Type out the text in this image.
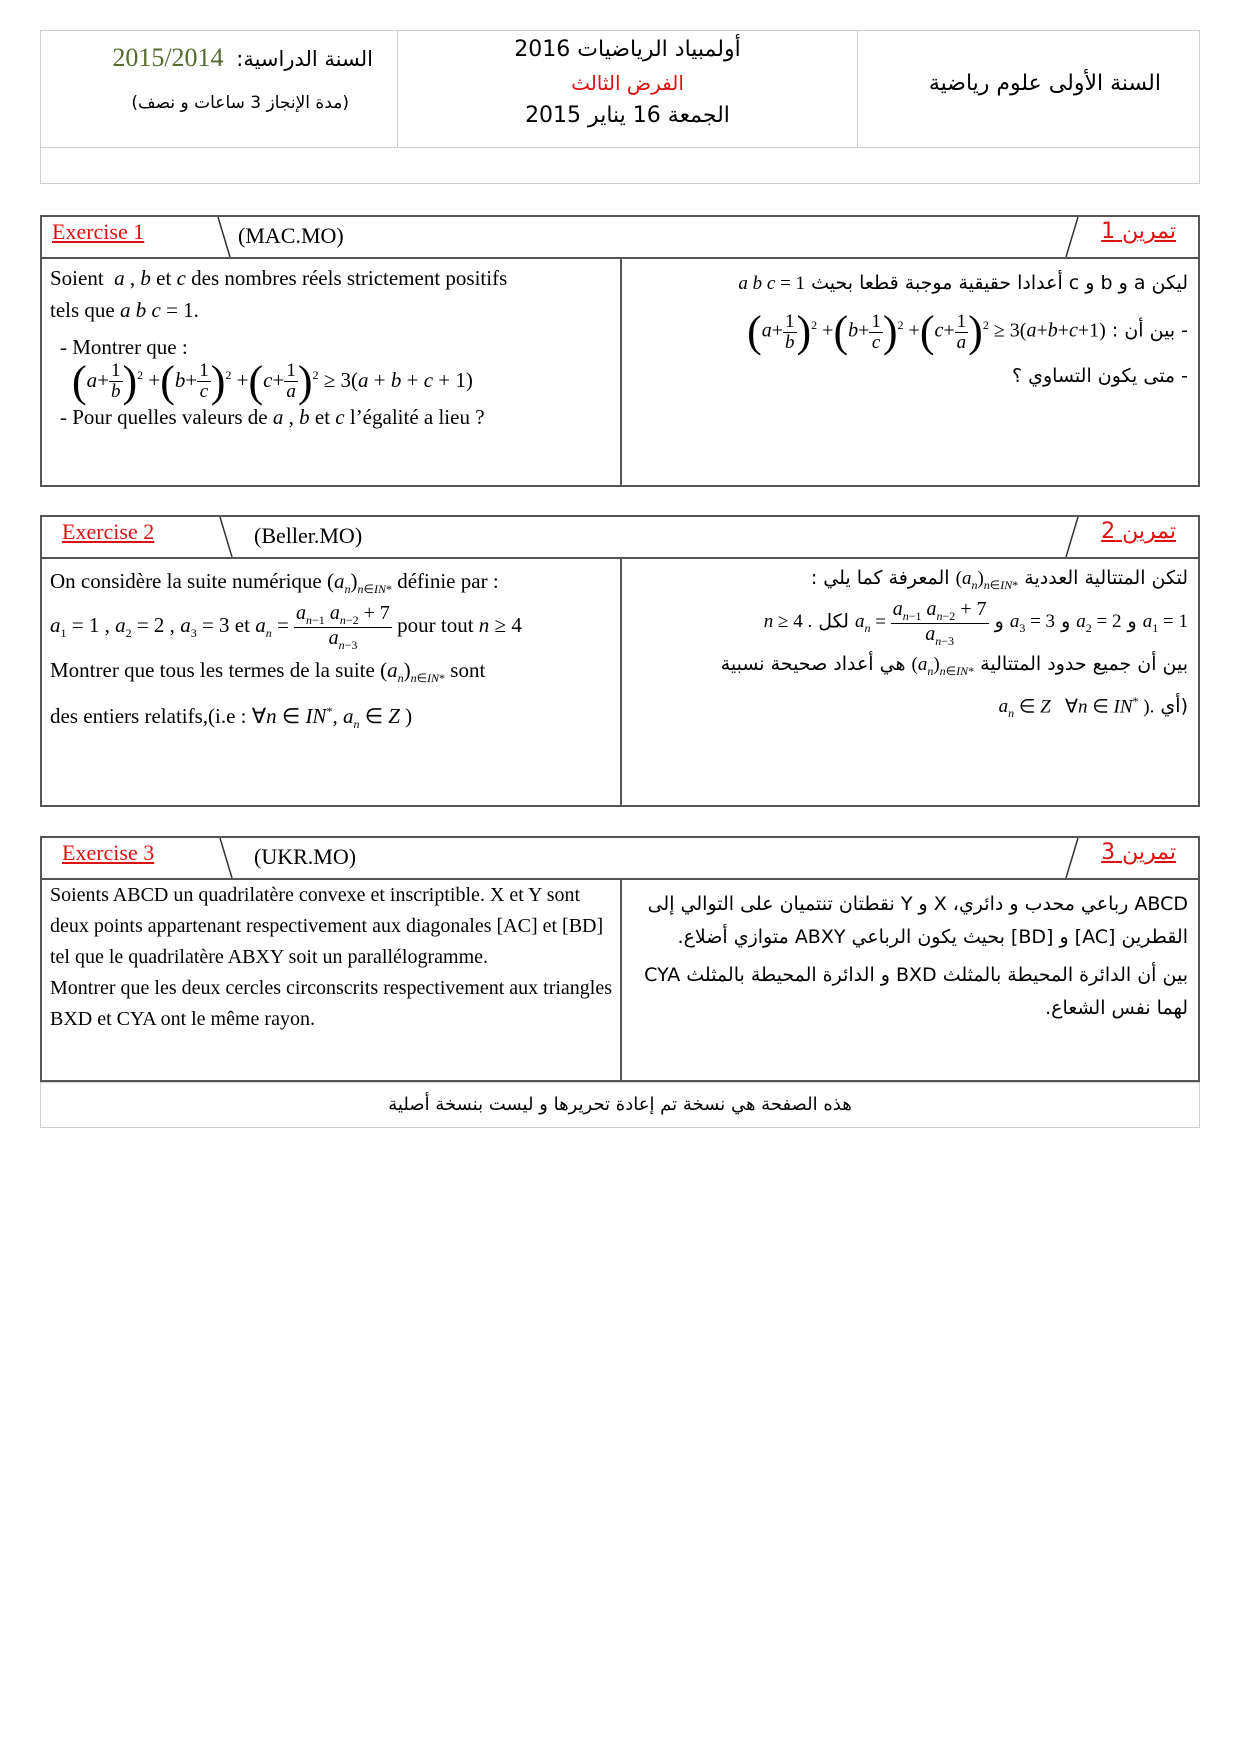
السنة الدراسية: 2015/2014
(مدة الإنجاز 3 ساعات و نصف)
أولمبياد الرياضيات 2016
الفرض الثالث
الجمعة 16 يناير 2015
السنة الأولى علوم رياضية
Exercise 1	(MAC.MO)	تمرين 1
Soient  a , b et c des nombres réels strictement positifs
tels que a b c = 1.
- Montrer que :
$(a+ \frac{1}{b} )^2 +(b+ \frac{1}{c} )^2 +(c+ \frac{1}{a} )^2 \ge 3(a + b + c + 1)$
- Pour quelles valeurs de a , b et c l’égalité a lieu ?
ليكن a و b و c أعدادا حقيقية موجبة قطعا بحيث a b c = 1
- بين أن : $(a+ \frac{1}{b} )^2 +(b+ \frac{1}{c} )^2 +(c+ \frac{1}{a} )^2 \ge 3(a+b+c+1)$
- متى يكون التساوي ؟
Exercise 2	(Beller.MO)	تمرين 2
On considère la suite numérique $(a_n)_{n\in IN*}$ définie par :
$a_1 = 1$ , $a_2 = 2$ , $a_3 = 3$ et $a_n = \frac{a_{n-1} a_{n-2} + 7}{a_{n-3}}$ pour tout n ≥ 4
Montrer que tous les termes de la suite $(a_n)_{n\in IN*}$ sont
des entiers relatifs,(i.e : ∀n ∈ IN*, $a_n$ ∈ Z )
لتكن المتتالية العددية $(a_n)_{n\in IN*}$ المعرفة كما يلي :
$a_1 = 1$ و $a_2 = 2$ و $a_3 = 3$ و $a_n = \frac{a_{n-1} a_{n-2} + 7}{a_{n-3}}$
لكل n ≥ 4 .
بين أن جميع حدود المتتالية $(a_n)_{n\in IN*}$ هي أعداد صحيحة نسبية
(أي $a_n$ ∈ Z   ∀n ∈ IN* ).
Exercise 3	(UKR.MO)	تمرين 3
Soients ABCD un quadrilatère convexe et inscriptible. X et Y sont deux points appartenant respectivement aux diagonales [AC] et [BD] tel que le quadrilatère ABXY soit un parallélogramme.
Montrer que les deux cercles circonscrits respectivement aux triangles BXD et CYA ont le même rayon.
ABCD رباعي محدب و دائري، X و Y نقطتان تنتميان على التوالي إلى القطرين [AC] و [BD] بحيث يكون الرباعي ABXY متوازي أضلاع.
بين أن الدائرة المحيطة بالمثلث BXD و الدائرة المحيطة بالمثلث CYA لهما نفس الشعاع.
هذه الصفحة هي نسخة تم إعادة تحريرها و ليست بنسخة أصلية
